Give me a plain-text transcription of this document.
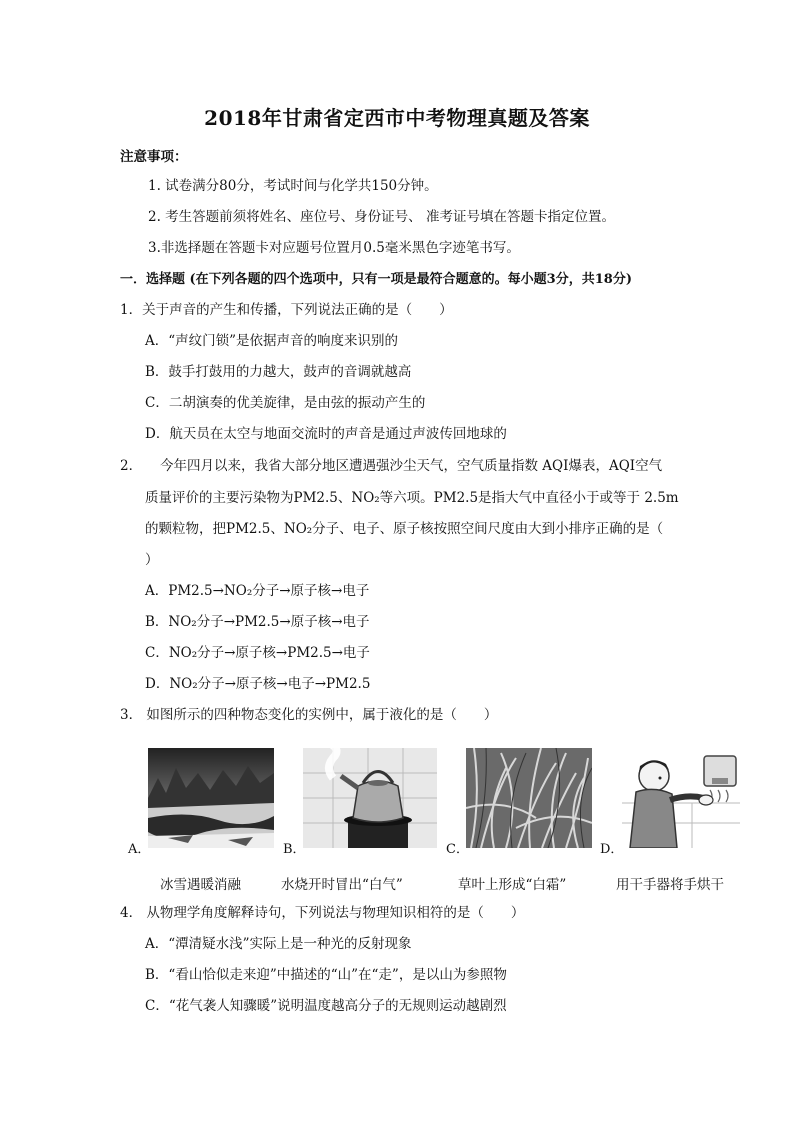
2018年甘肃省定西市中考物理真题及答案
注意事项：
1. 试卷满分80分，考试时间与化学共150分钟。
2. 考生答题前须将姓名、座位号、身份证号、 准考证号填在答题卡指定位置。
3.非选择题在答题卡对应题号位置月0.5毫米黑色字迹笔书写。
一．选择题 (在下列各题的四个选项中，只有一项是最符合题意的。每小题3分，共18分)
1．关于声音的产生和传播，下列说法正确的是（　　）
A．“声纹门锁”是依据声音的响度来识别的
B．鼓手打鼓用的力越大，鼓声的音调就越高
C．二胡演奏的优美旋律，是由弦的振动产生的
D．航天员在太空与地面交流时的声音是通过声波传回地球的
2． 今年四月以来，我省大部分地区遭遇强沙尘天气，空气质量指数 AQI爆表，AQI空气
质量评价的主要污染物为PM2.5、NO₂等六项。PM2.5是指大气中直径小于或等于 2.5m
的颗粒物，把PM2.5、NO₂分子、电子、原子核按照空间尺度由大到小排序正确的是（
）
A．PM2.5→NO₂分子→原子核→电子
B．NO₂分子→PM2.5→原子核→电子
C．NO₂分子→原子核→PM2.5→电子
D．NO₂分子→原子核→电子→PM2.5
3． 如图所示的四种物态变化的实例中，属于液化的是（　　）
A．	B．	C．	D．
冰雪遇暖消融	水烧开时冒出“白气”	草叶上形成“白霜”	用干手器将手烘干
4． 从物理学角度解释诗句，下列说法与物理知识相符的是（　　）
A．“潭清疑水浅”实际上是一种光的反射现象
B．“看山恰似走来迎”中描述的“山”在“走”，是以山为参照物
C．“花气袭人知骤暖”说明温度越高分子的无规则运动越剧烈
